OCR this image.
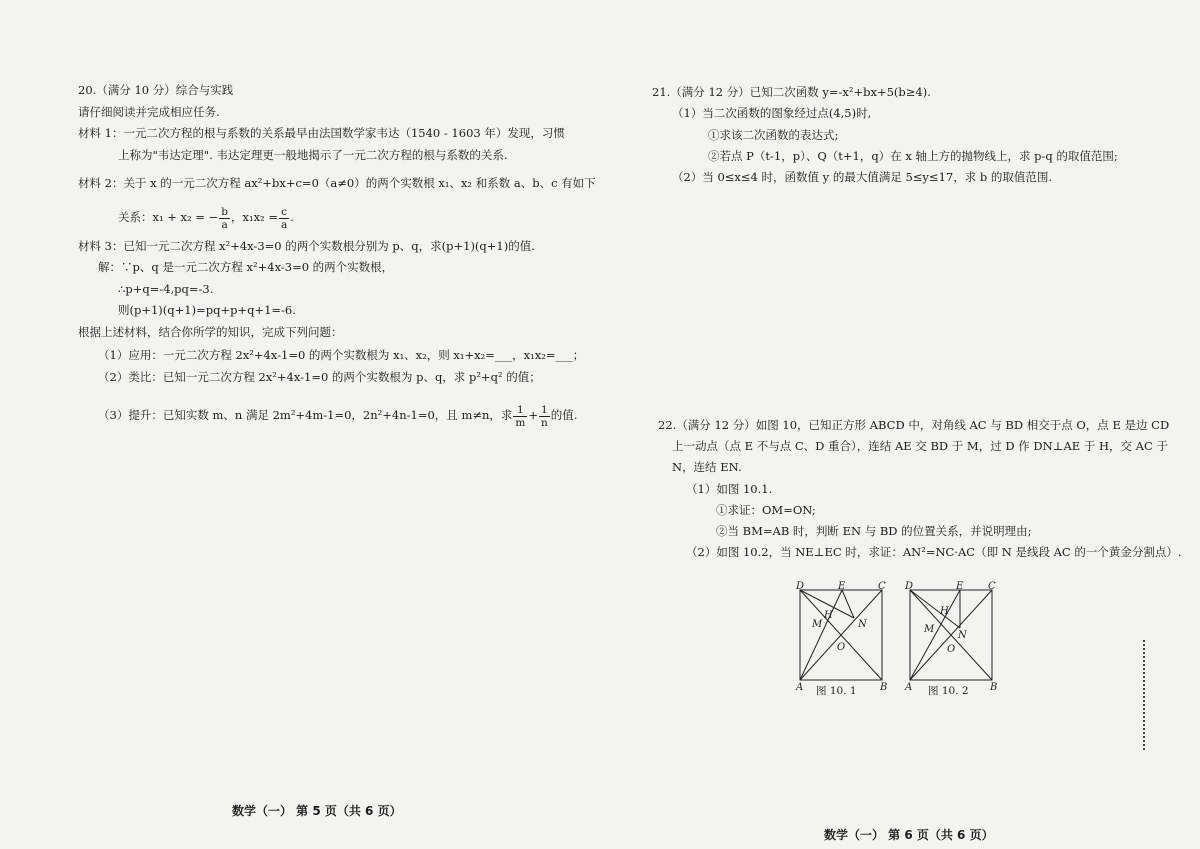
20.（满分 10 分）综合与实践
请仔细阅读并完成相应任务.
材料 1：一元二次方程的根与系数的关系最早由法国数学家韦达（1540 - 1603 年）发现，习惯
上称为"韦达定理". 韦达定理更一般地揭示了一元二次方程的根与系数的关系.
材料 2：关于 x 的一元二次方程 ax²+bx+c=0（a≠0）的两个实数根 x₁、x₂ 和系数 a、b、c 有如下
关系：x₁ + x₂ = − $\frac{b}{a}$ ，$x_1x_2 = \frac{c}{a}$ .
材料 3：已知一元二次方程 x²+4x-3=0 的两个实数根分别为 p、q，求(p+1)(q+1)的值.
解：∵p、q 是一元二次方程 x²+4x-3=0 的两个实数根，
∴p+q=-4,pq=-3.
则(p+1)(q+1)=pq+p+q+1=-6.
根据上述材料，结合你所学的知识，完成下列问题：
（1）应用：一元二次方程 2x²+4x-1=0 的两个实数根为 x₁、x₂，则 x₁+x₂=___，x₁x₂=___；
（2）类比：已知一元二次方程 2x²+4x-1=0 的两个实数根为 p、q，求 p²+q² 的值；
（3）提升：已知实数 m、n 满足 2m²+4m-1=0，2n²+4n-1=0，且 m≠n，求 $\frac{1}{m} + \frac{1}{n}$ 的值.
数学（一） 第 5 页（共 6 页）
21.（满分 12 分）已知二次函数 y=-x²+bx+5(b≥4).
（1）当二次函数的图象经过点(4,5)时,
①求该二次函数的表达式;
②若点 P（t-1，p）、Q（t+1，q）在 x 轴上方的抛物线上，求 p-q 的取值范围;
（2）当 0≤x≤4 时，函数值 y 的最大值满足 5≤y≤17，求 b 的取值范围.
22.（满分 12 分）如图 10，已知正方形 ABCD 中，对角线 AC 与 BD 相交于点 O，点 E 是边 CD
上一动点（点 E 不与点 C、D 重合），连结 AE 交 BD 于 M，过 D 作 DN⊥AE 于 H，交 AC 于
N，连结 EN.
（1）如图 10.1.
①求证：OM=ON;
②当 BM=AB 时，判断 EN 与 BD 的位置关系，并说明理由;
（2）如图 10.2，当 NE⊥EC 时，求证：AN²=NC·AC（即 N 是线段 AC 的一个黄金分割点）.
D	E	C
H
M	N
O
A	B
图 10. 1
D	E C
H
M
N
O
A	B
图 10. 2
数学（一） 第 6 页（共 6 页）
